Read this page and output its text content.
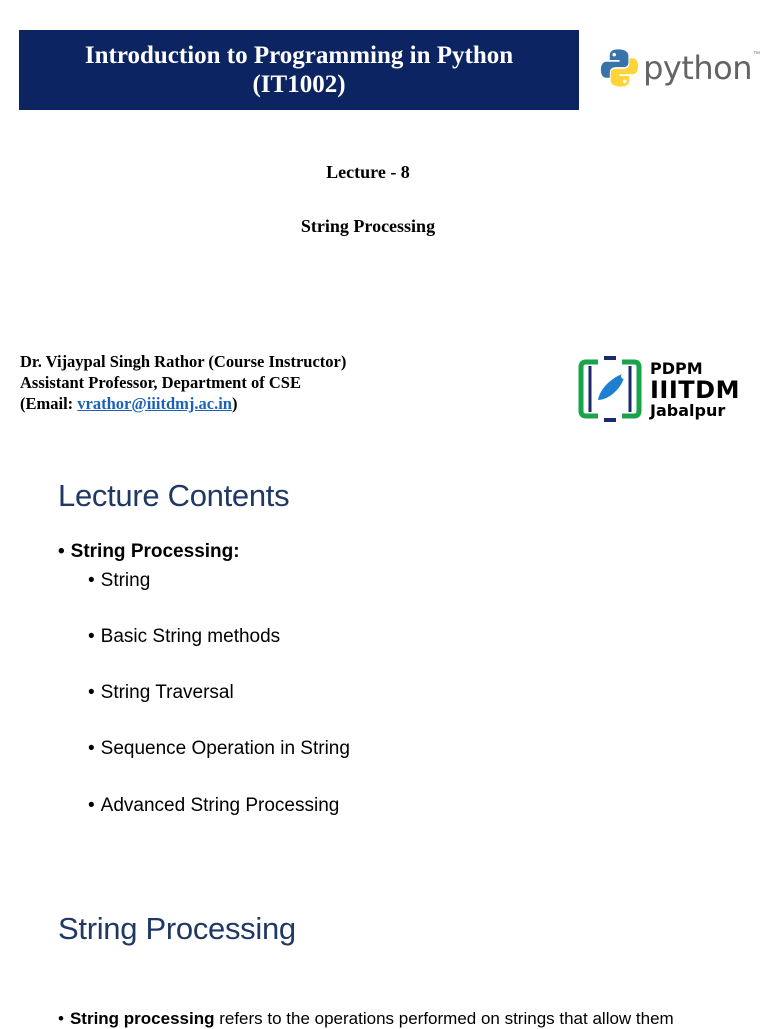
Introduction to Programming in Python
(IT1002)	python ™
Lecture - 8
String Processing
Dr. Vijaypal Singh Rathor (Course Instructor)
Assistant Professor, Department of CSE
(Email: vrathor@iiitdmj.ac.in)
PDPM
IIITDM
Jabalpur
Lecture Contents
• String Processing:
• String
• Basic String methods
• String Traversal
• Sequence Operation in String
• Advanced String Processing
String Processing
• String processing refers to the operations performed on strings that allow them
